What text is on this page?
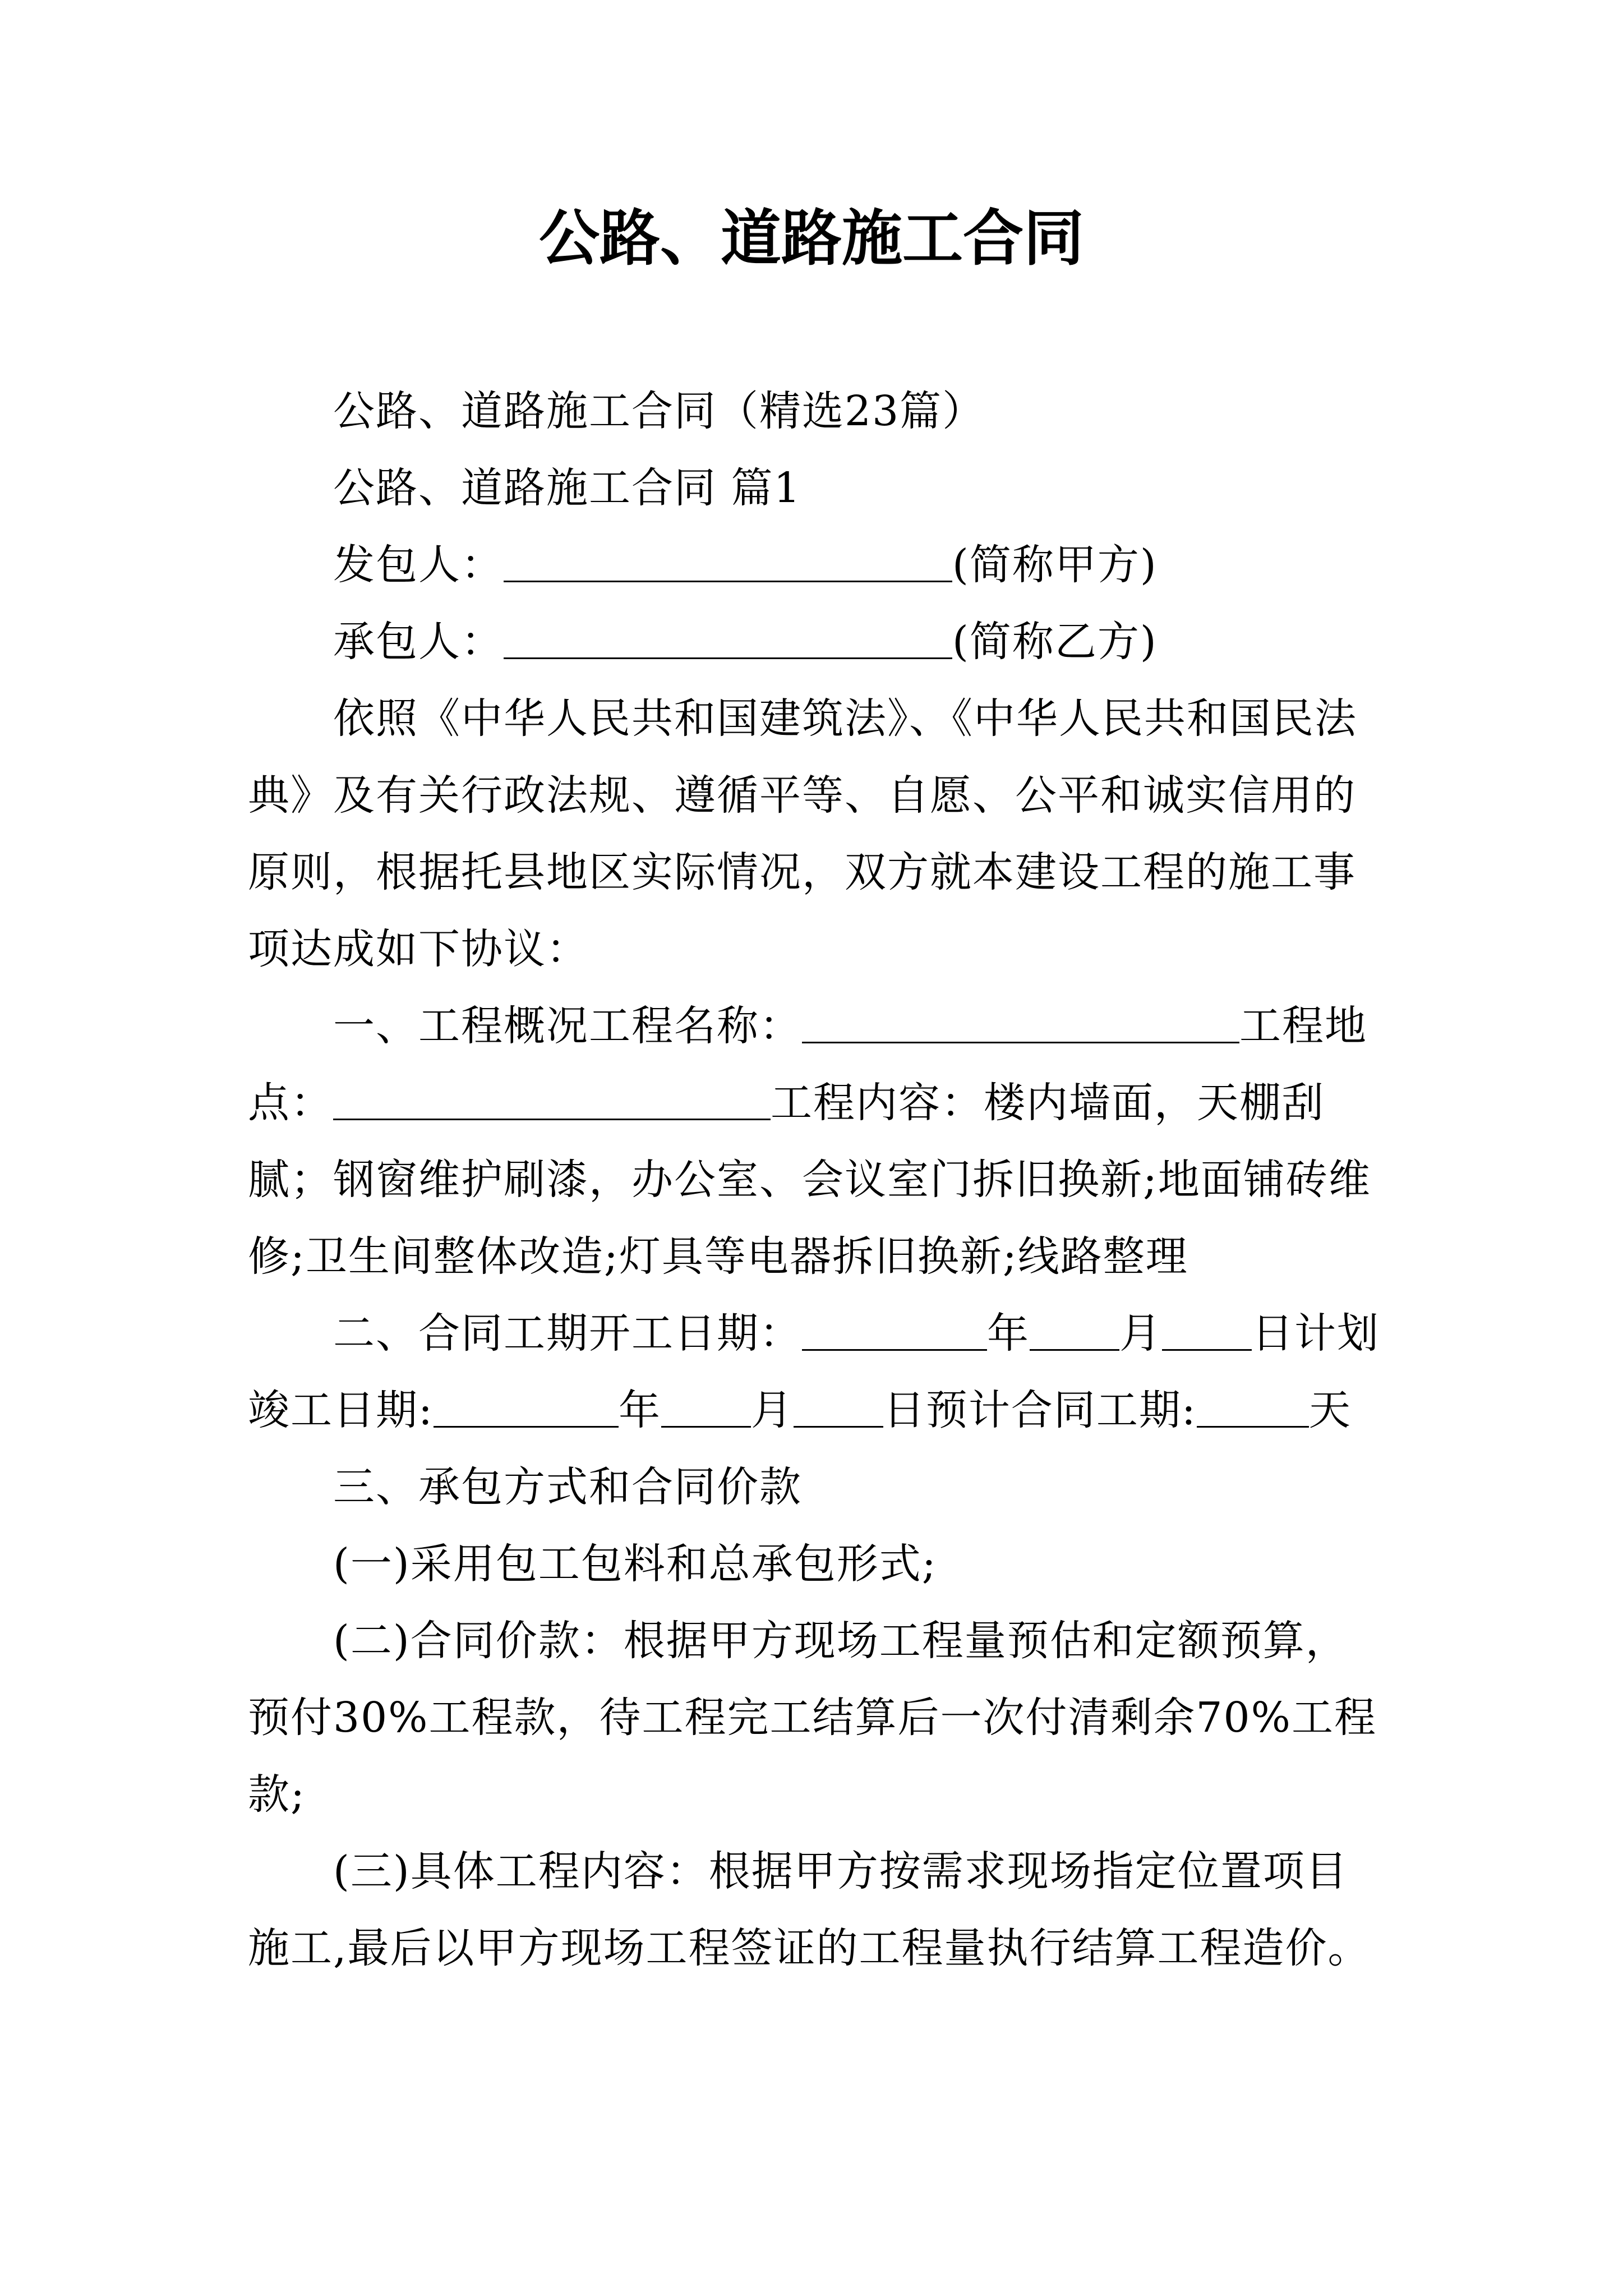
公路、道路施工合同

公路、道路施工合同（精选23篇）

公路、道路施工合同 篇1

发包人：	(简称甲方)

承包人：	(简称乙方)

依照《中华人民共和国建筑法》、《中华人民共和国民法典》及有关行政法规、遵循平等、自愿、公平和诚实信用的原则，根据托县地区实际情况，双方就本建设工程的施工事项达成如下协议：

一、工程概况工程名称：	工程地点：	工程内容：楼内墙面，天棚刮腻；钢窗维护刷漆，办公室、会议室门拆旧换新;地面铺砖维修;卫生间整体改造;灯具等电器拆旧换新;线路整理

二、合同工期开工日期：	年 月 日计划竣工日期:	年 月 日预计合同工期:	天

三、承包方式和合同价款

(一)采用包工包料和总承包形式;

(二)合同价款：根据甲方现场工程量预估和定额预算，预付30%工程款，待工程完工结算后一次付清剩余70%工程款;

(三)具体工程内容：根据甲方按需求现场指定位置项目施工,最后以甲方现场工程签证的工程量执行结算工程造价。
